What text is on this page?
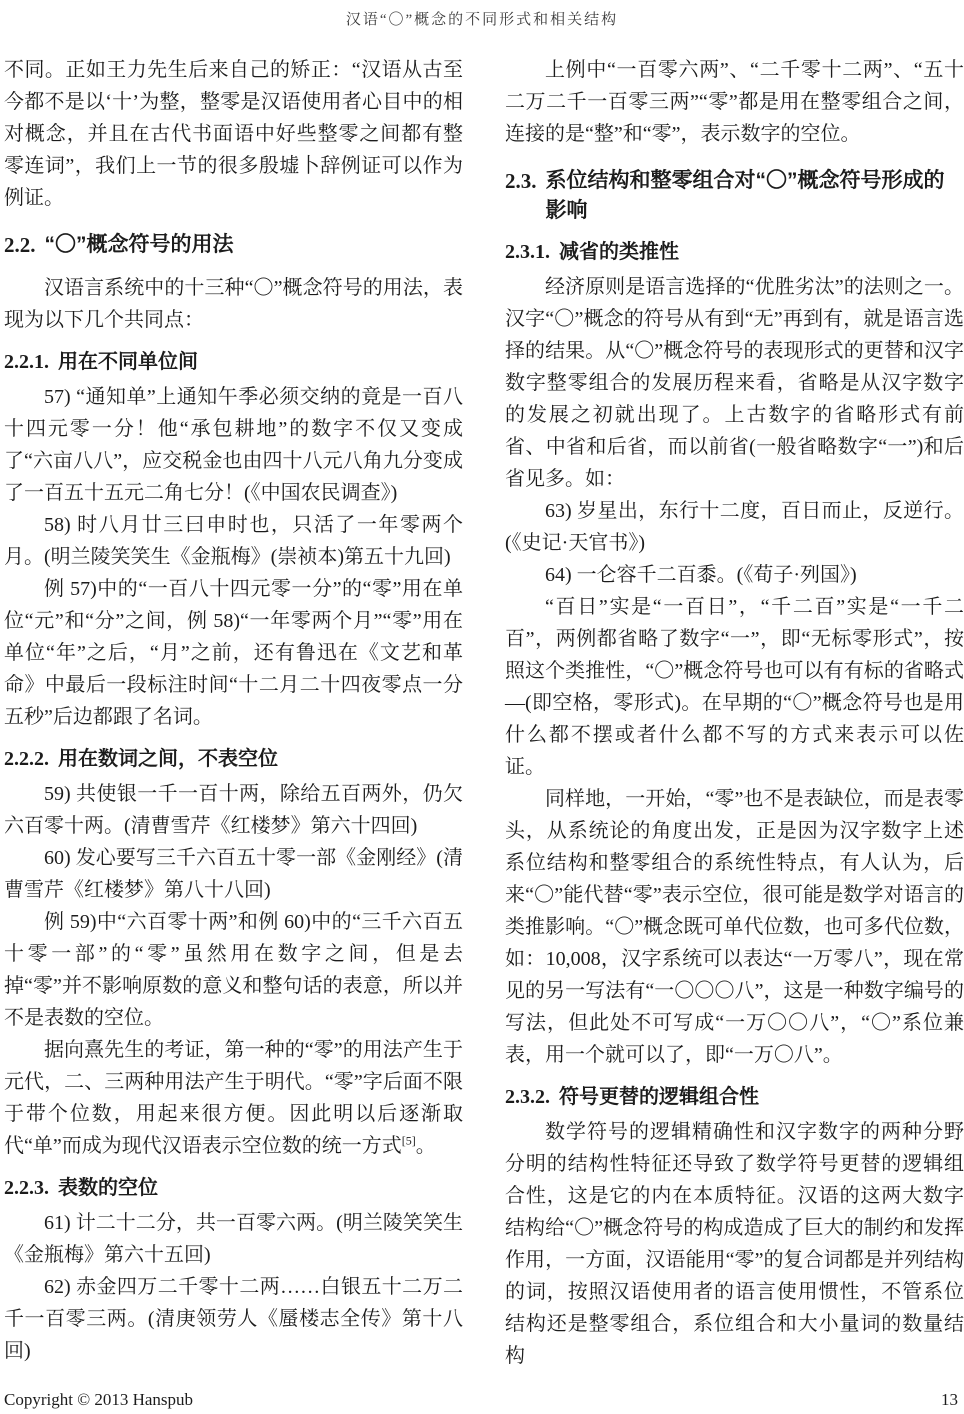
汉语“〇”概念的不同形式和相关结构

不同。正如王力先生后来自己的矫正：“汉语从古至今都不是以‘十’为整，整零是汉语使用者心目中的相对概念，并且在古代书面语中好些整零之间都有整零连词”，我们上一节的很多殷墟卜辞例证可以作为例证。

2.2. “〇”概念符号的用法

汉语言系统中的十三种“〇”概念符号的用法，表现为以下几个共同点：

2.2.1. 用在不同单位间

57) “通知单”上通知午季必须交纳的竟是一百八十四元零一分！他“承包耕地”的数字不仅又变成了“六亩八八”，应交税金也由四十八元八角九分变成了一百五十五元二角七分！(《中国农民调查》)

58) 时八月廿三曰申时也，只活了一年零两个月。(明兰陵笑笑生《金瓶梅》(崇祯本)第五十九回)

例 57)中的“一百八十四元零一分”的“零”用在单位“元”和“分”之间，例 58)“一年零两个月”“零”用在单位“年”之后，“月”之前，还有鲁迅在《文艺和革命》中最后一段标注时间“十二月二十四夜零点一分五秒”后边都跟了名词。

2.2.2. 用在数词之间，不表空位

59) 共使银一千一百十两，除给五百两外，仍欠六百零十两。(清曹雪芹《红楼梦》第六十四回)

60) 发心要写三千六百五十零一部《金刚经》(清曹雪芹《红楼梦》第八十八回)

例 59)中“六百零十两”和例 60)中的“三千六百五十零一部”的“零”虽然用在数字之间，但是去掉“零”并不影响原数的意义和整句话的表意，所以并不是表数的空位。

据向熹先生的考证，第一种的“零”的用法产生于元代，二、三两种用法产生于明代。“零”字后面不限于带个位数，用起来很方便。因此明以后逐渐取代“单”而成为现代汉语表示空位数的统一方式[5]。

2.2.3. 表数的空位

61) 计二十二分，共一百零六两。(明兰陵笑笑生《金瓶梅》第六十五回)

62) 赤金四万二千零十二两……白银五十二万二千一百零三两。(清庚领劳人《蜃楼志全传》第十八回)

上例中“一百零六两”、“二千零十二两”、“五十二万二千一百零三两”“零”都是用在整零组合之间，连接的是“整”和“零”，表示数字的空位。

2.3. 系位结构和整零组合对“〇”概念符号形成的影响
2.3.1. 减省的类推性

经济原则是语言选择的“优胜劣汰”的法则之一。汉字“〇”概念的符号从有到“无”再到有，就是语言选择的结果。从“〇”概念符号的表现形式的更替和汉字数字整零组合的发展历程来看，省略是从汉字数字的发展之初就出现了。上古数字的省略形式有前省、中省和后省，而以前省(一般省略数字“一”)和后省见多。如：

63) 岁星出，东行十二度，百日而止，反逆行。(《史记·天官书》)

64) 一仑容千二百黍。(《荀子·列国》)

“百日”实是“一百日”，“千二百”实是“一千二百”，两例都省略了数字“一”，即“无标零形式”，按照这个类推性，“〇”概念符号也可以有有标的省略式—(即空格，零形式)。在早期的“〇”概念符号也是用什么都不摆或者什么都不写的方式来表示可以佐证。

同样地，一开始，“零”也不是表缺位，而是表零头，从系统论的角度出发，正是因为汉字数字上述系位结构和整零组合的系统性特点，有人认为，后来“〇”能代替“零”表示空位，很可能是数学对语言的类推影响。“〇”概念既可单代位数，也可多代位数，如：10,008，汉字系统可以表达“一万零八”，现在常见的另一写法有“一〇〇〇八”，这是一种数字编号的写法，但此处不可写成“一万〇〇八”，“〇”系位兼表，用一个就可以了，即“一万〇八”。

2.3.2. 符号更替的逻辑组合性

数学符号的逻辑精确性和汉字数字的两种分野分明的结构性特征还导致了数学符号更替的逻辑组合性，这是它的内在本质特征。汉语的这两大数字结构给“〇”概念符号的构成造成了巨大的制约和发挥作用，一方面，汉语能用“零”的复合词都是并列结构的词，按照汉语使用者的语言使用惯性，不管系位结构还是整零组合，系位组合和大小量词的数量结构

Copyright © 2013 Hanspub	13
